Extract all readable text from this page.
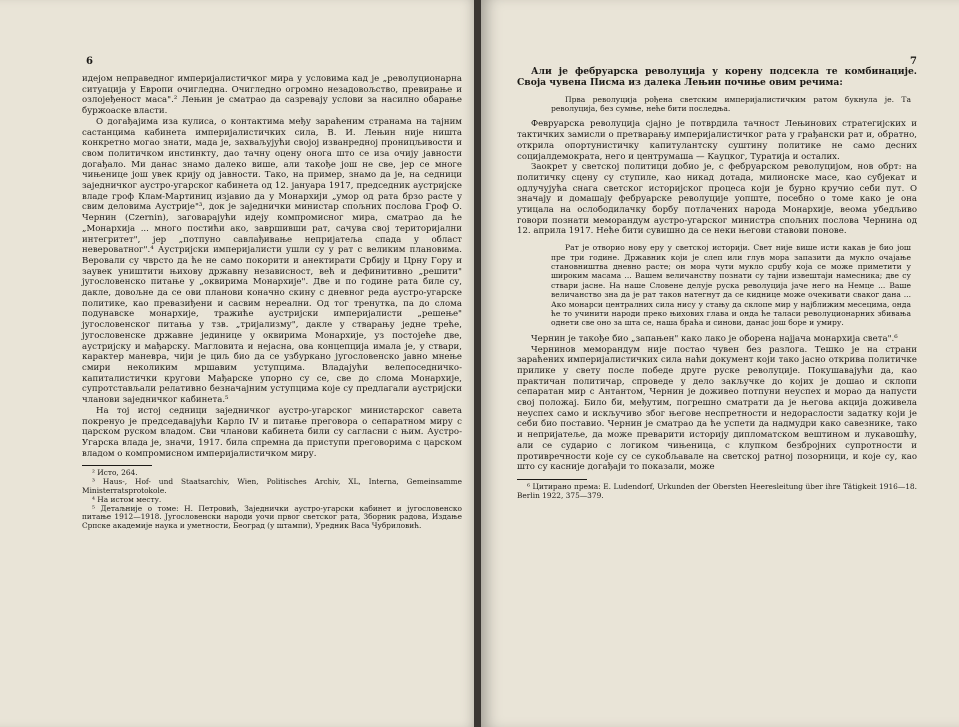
6

идејом неправедног империјалистичког мира у условима кад је „револуционарна ситуација у Европи очигледна. Очигледно огромно незадовољство, превирање и озлојеђеност маса".² Лењин је сматрао да сазревају услови за насилно обарање буржоаске власти.

О догађајима иза кулиса, о контактима међу зараћеним странама на тајним састанцима кабинета империјалистичких сила, В. И. Лењин није ништа конкретно могао знати, мада је, захваљујући својој изванредној проницљивости и свом политичком инстинкту, дао тачну оцену онога што се иза очију јавности догађало. Ми данас знамо далеко више, али такође још не све, јер се многе чињенице још увек крију од јавности. Тако, на пример, знамо да је, на седници заједничког аустро-угарског кабинета од 12. јануара 1917, председник аустријске владе гроф Клам-Мартиниц изјавио да у Монархији „умор од рата брзо расте у свим деловима Аустрије"³, док је заједнички министар спољних послова Гроф О. Чернин (Czernin), заговарајући идеју компромисног мира, сматрао да ће „Монархија ... много постићи ако, завршивши рат, сачува свој територијални интегритет", јер „потпуно савлађивање непријатеља спада у област невероватног".⁴ Аустријски империјалисти ушли су у рат с великим плановима. Веровали су чврсто да ће не само покорити и анектирати Србију и Црну Гору и заувек уништити њихову државну независност, већ и дефинитивно „решити" југословенско питање у „оквирима Монархије". Две и по године рата биле су, дакле, довољне да се ови планови коначно скину с дневног реда аустро-угарске политике, као превазиђени и сасвим нереални. Од тог тренутка, па до слома подунавске монархије, тражиће аустријски империјалисти „решење" југословенског питања у тзв. „тријализму", дакле у стварању једне треће, југословенске државне јединице у оквирима Монархије, уз постојеће две, аустријску и мађарску. Магловита и нејасна, ова концепција имала је, у ствари, карактер маневра, чији је циљ био да се узбуркано југословенско јавно мнење смири неколиким мршавим уступцима. Владајући велепоседничко-капиталистички кругови Мађарске упорно су се, све до слома Монархије, супротстављали релативно безначајним уступцима које су предлагали аустријски чланови заједничког кабинета.⁵

На тој истој седници заједничког аустро-угарског министарског савета покренуо је председавајући Карло IV и питање преговора о сепаратном миру с царском руском владом. Сви чланови кабинета били су сагласни с њим. Аустро-Угарска влада је, значи, 1917. била спремна да приступи преговорима с царском владом о компромисном империјалистичком миру.

² Исто, 264.

³ Haus-, Hof- und Staatsarchiv, Wien, Politisches Archiv, XL, Interna, Gemeinsamme Ministerratsprotokole.

⁴ На истом месту.

⁵ Детаљније о томе: Н. Петровић, Заједнички аустро-угарски кабинет и југословенско питање 1912—1918. Југословенски народи уочи првог светског рата, Зборник радова, Издање Српске академије наука и уметности, Београд (у штампи), Уредник Васа Чубриловић.

7

Али је фебруарска револуција у корену подсекла те комбинације. Своја чувена Писма из далека Лењин почиње овим речима:

Прва револуција рођена светским империјалистичким ратом букнула је. Та револуција, без сумње, неће бити последња.

Февруарска револуција сјајно је потврдила тачност Лењинових стратегијских и тактичких замисли о претварању империјалистичког рата у грађански рат и, обратно, открила опортунистичку капитулантску суштину политике не само десних социјалдемократа, него и центрумаша — Кауцког, Туратија и осталих.

Заокрет у светској политици добио је, с фебруарском револуцијом, нов обрт: на политичку сцену су ступиле, као никад дотада, милионске масе, као субјекат и одлучујућа снага светског историјског процеса који је бурно кручио себи пут. О значају и домашају фебруарске револуције уопште, посебно о томе како је она утицала на ослободилачку борбу потлачених народа Монархије, веома убедљиво говори познати меморандум аустро-угарског министра спољних послова Чернина од 12. априла 1917. Неће бити сувишно да се неки његови ставови понове.

Рат је отворио нову еру у светској историји. Свет није више исти какав је био још пре три године. Државник који је слеп или глув мора запазити да мукло очајање становништва дневно расте; он мора чути мукло срџбу која се може приметити у широким масама ... Вашем величанству познати су тајни извештаји намесника; две су ствари јасне. На наше Словене делује руска револуција јаче него на Немце ... Ваше величанство зна да је рат таков натегнут да се киднице може очекивати сваког дана ... Ако монарси централних сила нису у стању да склопе мир у најближим месецима, онда ће то учинити народи преко њихових глава и онда ће таласи револуционарних збивања однети све оно за шта се, наша браћа и синови, данас још боре и умиру.

Чернин је такође био „запањен" како лако је оборена најјача монархија света".⁶

Чернинов меморандум није постао чувен без разлога. Тешко је на страни зараћених империјалистичких сила наћи документ који тако јасно открива политичке прилике у свету после победе друге руске револуције. Покушавајући да, као практичан политичар, спроведе у дело закључке до којих је дошао и склопи сепаратан мир с Антантом, Чернин је доживео потпуни неуспех и морао да напусти свој положај. Било би, међутим, погрешно сматрати да је његова акција доживела неуспех само и искључиво због његове неспретности и недораслости задатку који је себи био поставио. Чернин је сматрао да ће успети да надмудри како савезнике, тако и непријатеље, да може преварити историју дипломатском вештином и лукавошћу, али се сударио с логиком чињеница, с клупком безбројних супротности и противречности које су се сукобљавале на светској ратној позорници, и које су, као што су касније догађаји то показали, може

⁶ Цитирано према: E. Ludendorf, Urkunden der Obersten Heeresleitung über ihre Tätigkeit 1916—18. Berlin 1922, 375—379.
